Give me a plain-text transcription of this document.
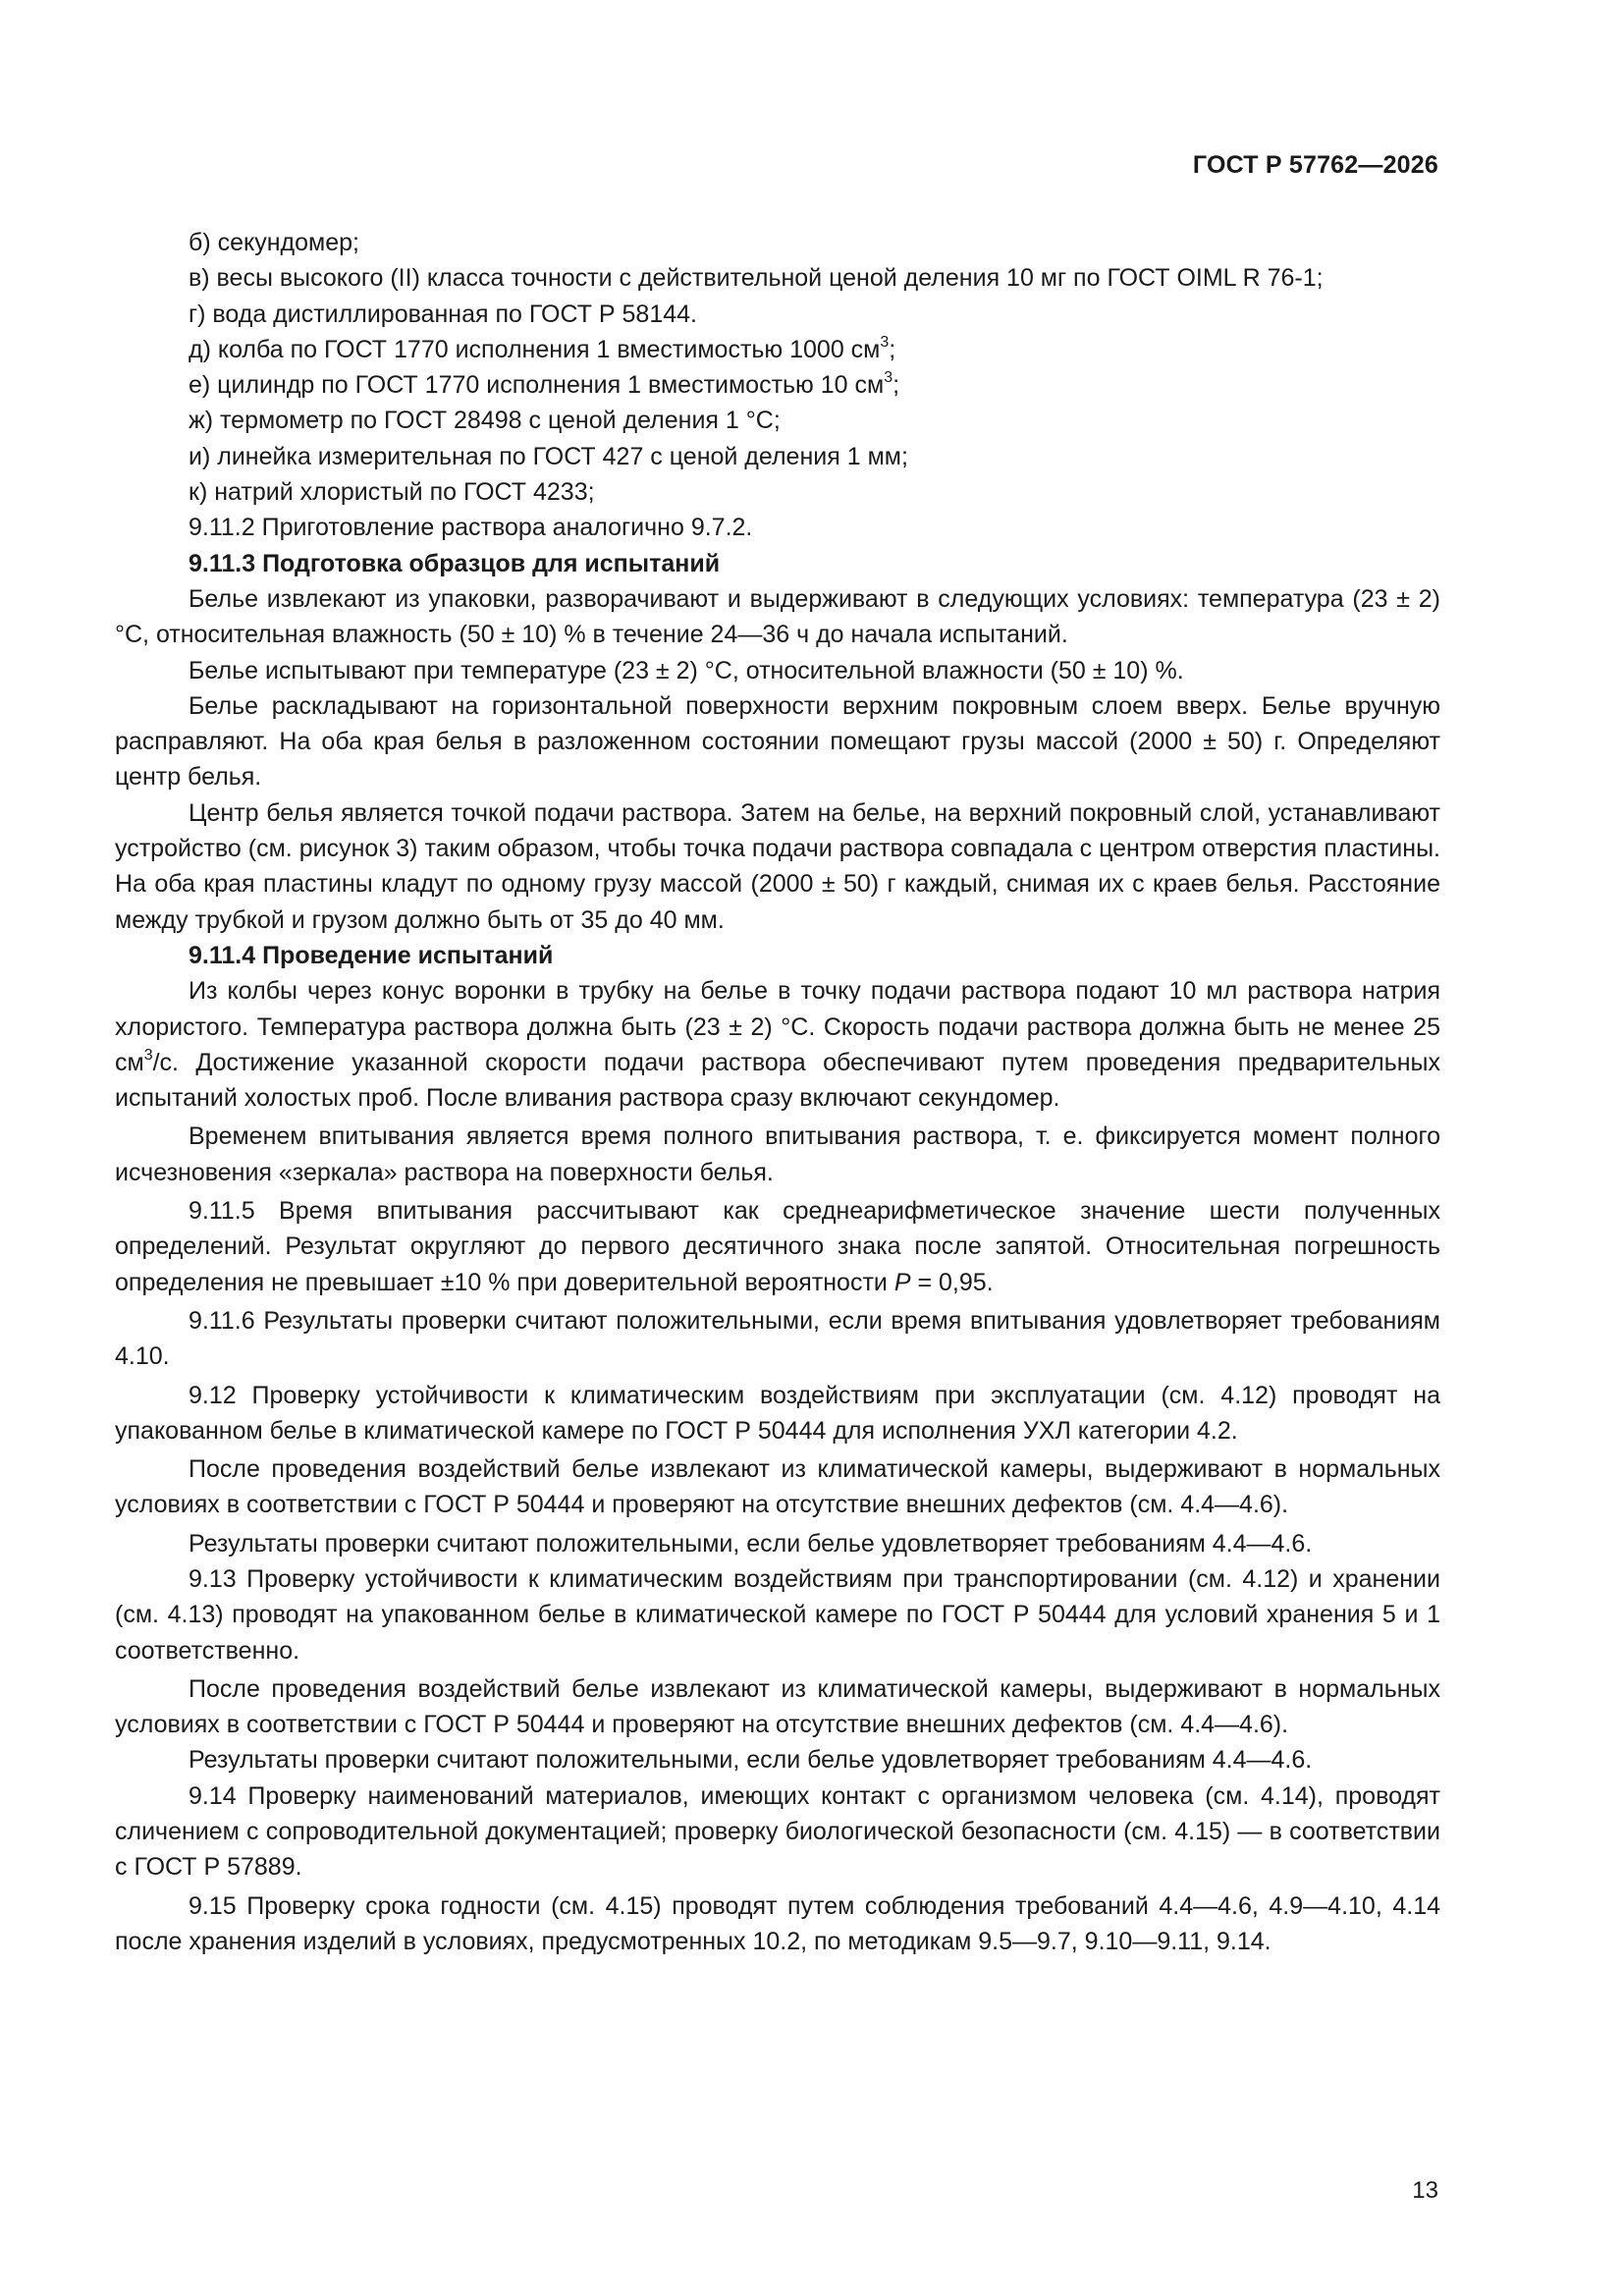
ГОСТ Р 57762—2026

б) секундомер;

в) весы высокого (II) класса точности с действительной ценой деления 10 мг по ГОСТ OIML R 76-1;

г) вода дистиллированная по ГОСТ Р 58144.

д) колба по ГОСТ 1770 исполнения 1 вместимостью 1000 $см^3$;

е) цилиндр по ГОСТ 1770 исполнения 1 вместимостью 10 $см^3$;

ж) термометр по ГОСТ 28498 с ценой деления 1 °С;

и) линейка измерительная по ГОСТ 427 с ценой деления 1 мм;

к) натрий хлористый по ГОСТ 4233;

9.11.2 Приготовление раствора аналогично 9.7.2.

9.11.3 Подготовка образцов для испытаний

Белье извлекают из упаковки, разворачивают и выдерживают в следующих условиях: температура (23 ± 2) °С, относительная влажность (50 ± 10) % в течение 24—36 ч до начала испытаний.

Белье испытывают при температуре (23 ± 2) °С, относительной влажности (50 ± 10) %.

Белье раскладывают на горизонтальной поверхности верхним покровным слоем вверх. Белье вручную расправляют. На оба края белья в разложенном состоянии помещают грузы массой (2000 ± 50) г. Определяют центр белья.

Центр белья является точкой подачи раствора. Затем на белье, на верхний покровный слой, устанавливают устройство (см. рисунок 3) таким образом, чтобы точка подачи раствора совпадала с центром отверстия пластины. На оба края пластины кладут по одному грузу массой (2000 ± 50) г каждый, снимая их с краев белья. Расстояние между трубкой и грузом должно быть от 35 до 40 мм.

9.11.4 Проведение испытаний

Из колбы через конус воронки в трубку на белье в точку подачи раствора подают 10 мл раствора натрия хлористого. Температура раствора должна быть (23 ± 2) °С. Скорость подачи раствора должна быть не менее 25 $см^3/с$. Достижение указанной скорости подачи раствора обеспечивают путем проведения предварительных испытаний холостых проб. После вливания раствора сразу включают секундомер.

Временем впитывания является время полного впитывания раствора, т. е. фиксируется момент полного исчезновения «зеркала» раствора на поверхности белья.

9.11.5 Время впитывания рассчитывают как среднеарифметическое значение шести полученных определений. Результат округляют до первого десятичного знака после запятой. Относительная погрешность определения не превышает ±10 % при доверительной вероятности Р = 0,95.

9.11.6 Результаты проверки считают положительными, если время впитывания удовлетворяет требованиям 4.10.

9.12 Проверку устойчивости к климатическим воздействиям при эксплуатации (см. 4.12) проводят на упакованном белье в климатической камере по ГОСТ Р 50444 для исполнения УХЛ категории 4.2.

После проведения воздействий белье извлекают из климатической камеры, выдерживают в нормальных условиях в соответствии с ГОСТ Р 50444 и проверяют на отсутствие внешних дефектов (см. 4.4—4.6).

Результаты проверки считают положительными, если белье удовлетворяет требованиям 4.4—4.6.

9.13 Проверку устойчивости к климатическим воздействиям при транспортировании (см. 4.12) и хранении (см. 4.13) проводят на упакованном белье в климатической камере по ГОСТ Р 50444 для условий хранения 5 и 1 соответственно.

После проведения воздействий белье извлекают из климатической камеры, выдерживают в нормальных условиях в соответствии с ГОСТ Р 50444 и проверяют на отсутствие внешних дефектов (см. 4.4—4.6).

Результаты проверки считают положительными, если белье удовлетворяет требованиям 4.4—4.6.

9.14 Проверку наименований материалов, имеющих контакт с организмом человека (см. 4.14), проводят сличением с сопроводительной документацией; проверку биологической безопасности (см. 4.15) — в соответствии с ГОСТ Р 57889.

9.15 Проверку срока годности (см. 4.15) проводят путем соблюдения требований 4.4—4.6, 4.9—4.10, 4.14 после хранения изделий в условиях, предусмотренных 10.2, по методикам 9.5—9.7, 9.10—9.11, 9.14.

13
